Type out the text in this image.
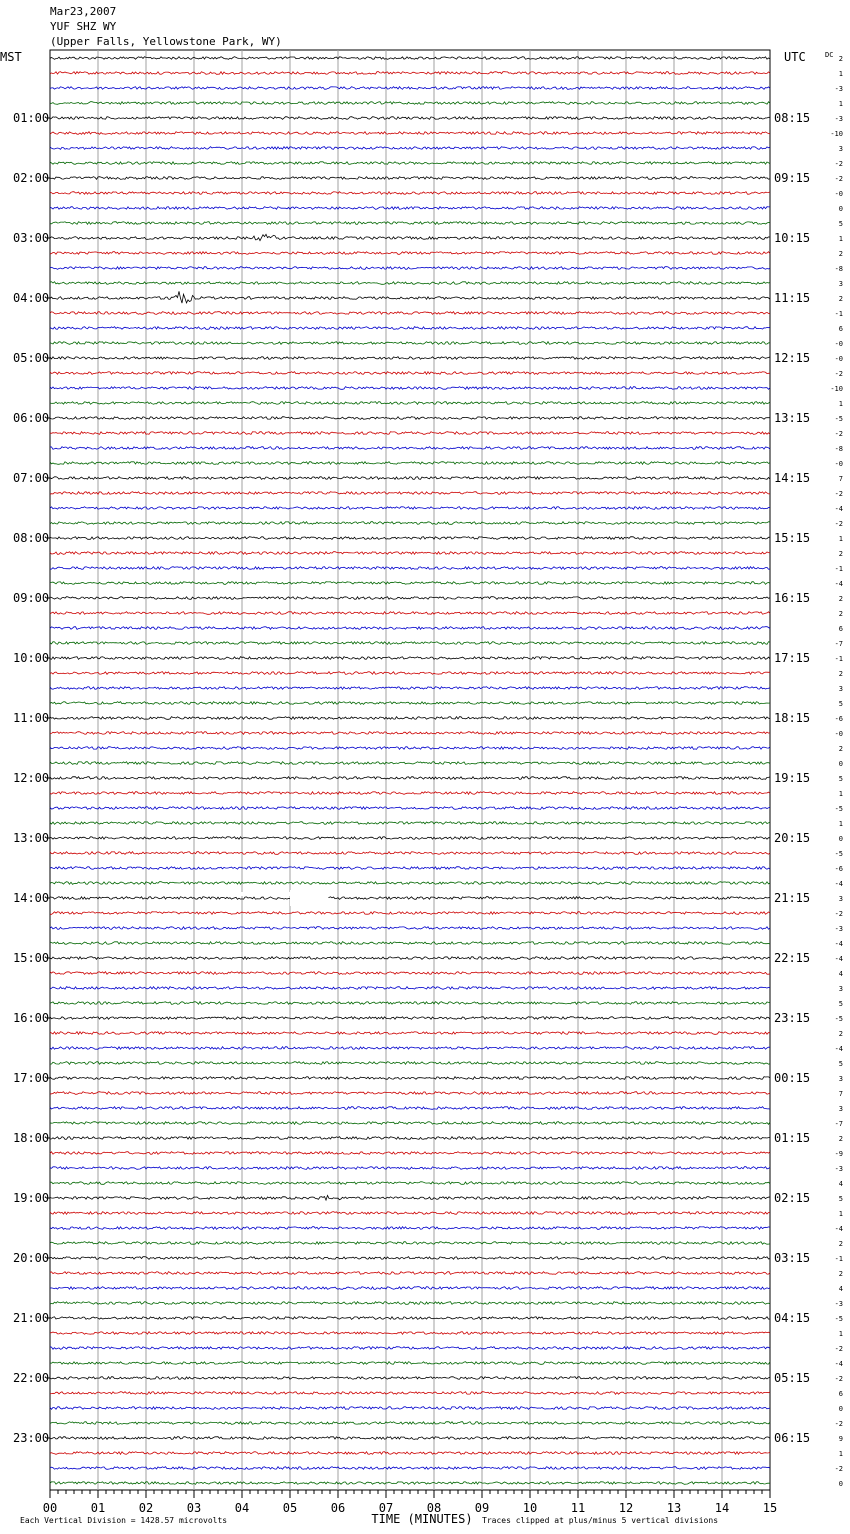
Mar23,2007
YUF SHZ WY
(Upper Falls, Yellowstone Park, WY)
MST	UTC	DC
01:00
02:00
03:00
04:00
05:00
06:00
07:00
08:00
09:00
10:00
11:00
12:00
13:00
14:00
15:00
16:00
17:00
18:00
19:00
20:00
21:00
22:00
23:00
08:15
09:15
10:15
11:15
12:15
13:15
14:15
15:15
16:15
17:15
18:15
19:15
20:15
21:15
22:15
23:15
00:15
01:15
02:15
03:15
04:15
05:15
06:15
2
1
-3
1
-3
-10
3
-2
-2
-0
0
5
1
2
-8
3
2
-1
6
-0
-0
-2
-10
1
-5
-2
-8
-0
7
-2
-4
-2
1
2
-1
-4
2
2
6
-7
-1
2
3
5
-6
-0
2
0
5
1
-5
1
0
-5
-6
-4
3
-2
-3
-4
-4
4
3
5
-5
2
-4
5
3
7
3
-7
2
-9
-3
4
5
1
-4
2
-1
2
4
-3
-5
1
-2
-4
-2
6
0
-2
9
1
-2
0
00	01	02	03	04	05	06	07	08	09	10	11	12	13	14	15
TIME (MINUTES)
Each Vertical Division = 1428.57 microvolts	Traces clipped at plus/minus 5 vertical divisions
